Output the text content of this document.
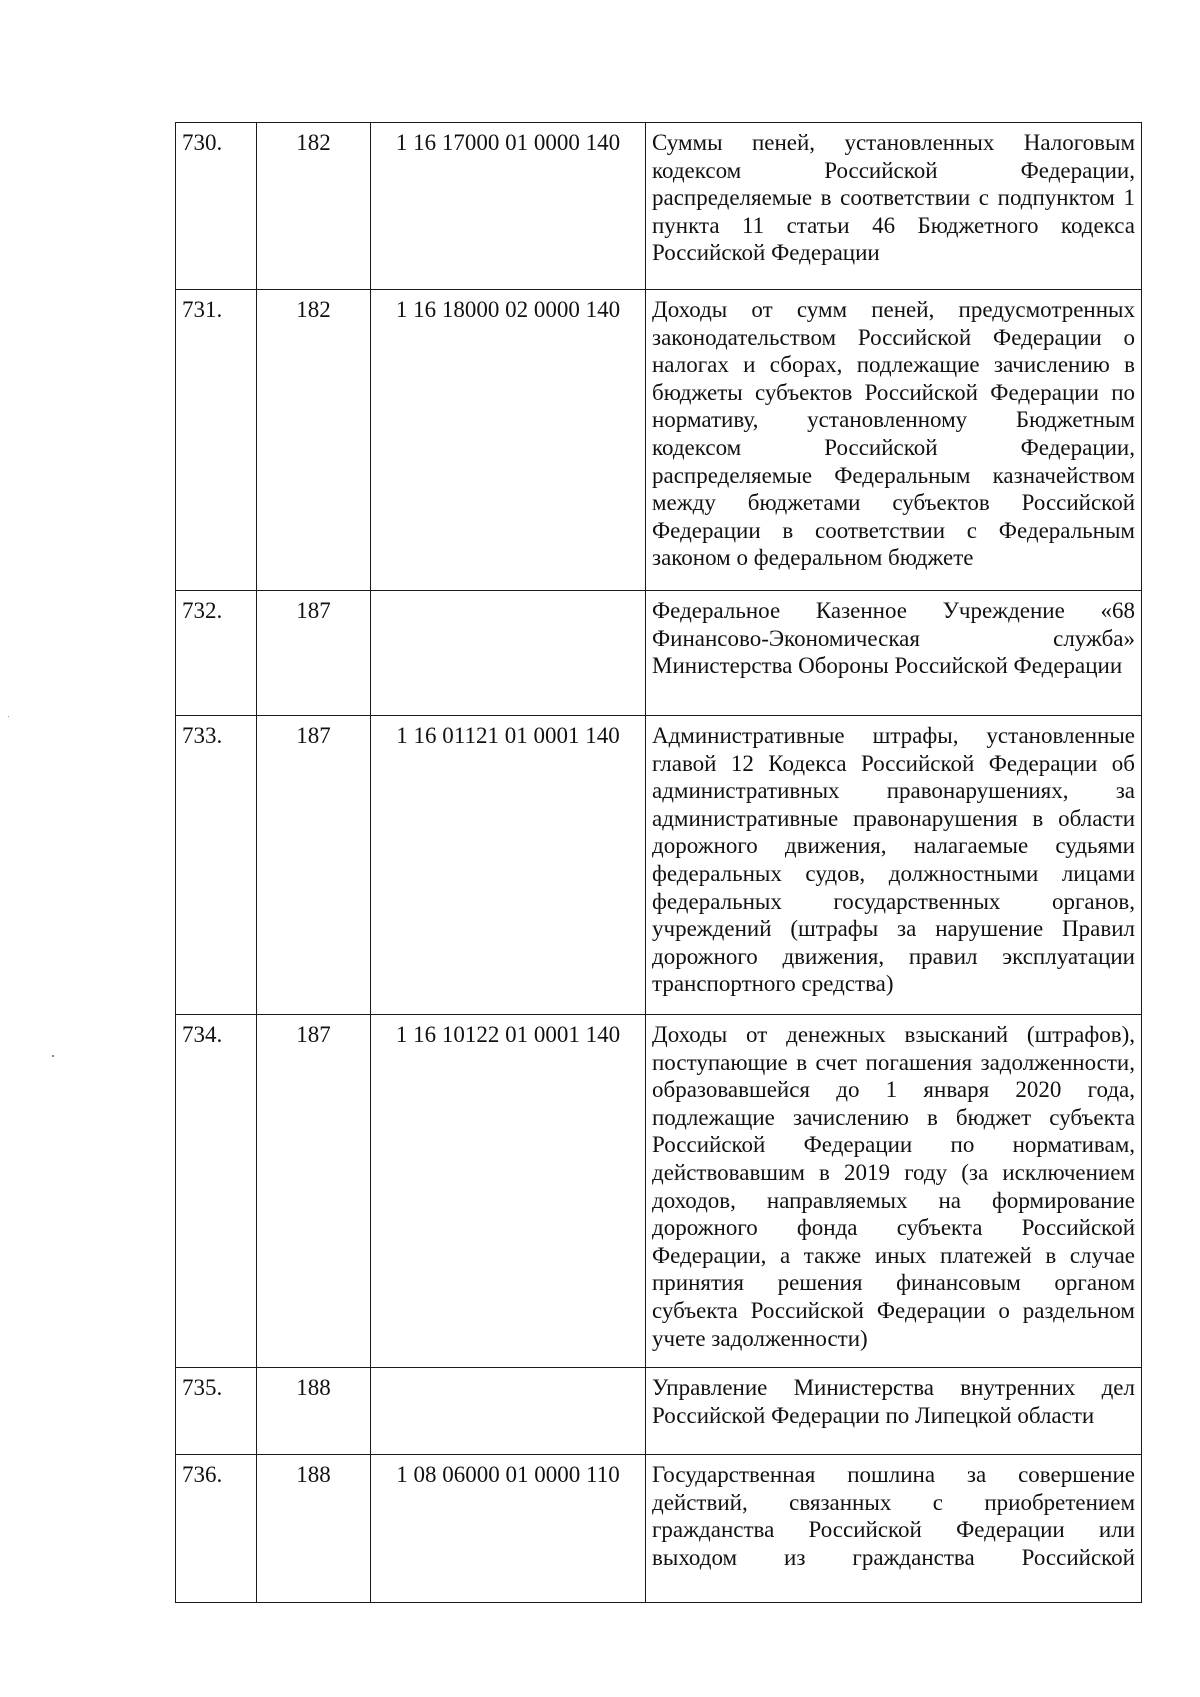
730.	182	1 16 17000 01 0000 140	Суммы пеней, установленных Налоговым кодексом Российской Федерации, распределяемые в соответствии с подпунктом 1 пункта 11 статьи 46 Бюджетного кодекса Российской Федерации
731.	182	1 16 18000 02 0000 140	Доходы от сумм пеней, предусмотренных законодательством Российской Федерации о налогах и сборах, подлежащие зачислению в бюджеты субъектов Российской Федерации по нормативу, установленному Бюджетным кодексом Российской Федерации, распределяемые Федеральным казначейством между бюджетами субъектов Российской Федерации в соответствии с Федеральным законом о федеральном бюджете
732.	187		Федеральное Казенное Учреждение «68 Финансово-Экономическая служба» Министерства Обороны Российской Федерации
733.	187	1 16 01121 01 0001 140	Административные штрафы, установленные главой 12 Кодекса Российской Федерации об административных правонарушениях, за административные правонарушения в области дорожного движения, налагаемые судьями федеральных судов, должностными лицами федеральных государственных органов, учреждений (штрафы за нарушение Правил дорожного движения, правил эксплуатации транспортного средства)
734.	187	1 16 10122 01 0001 140	Доходы от денежных взысканий (штрафов), поступающие в счет погашения задолженности, образовавшейся до 1 января 2020 года, подлежащие зачислению в бюджет субъекта Российской Федерации по нормативам, действовавшим в 2019 году (за исключением доходов, направляемых на формирование дорожного фонда субъекта Российской Федерации, а также иных платежей в случае принятия решения финансовым органом субъекта Российской Федерации о раздельном учете задолженности)
735.	188		Управление Министерства внутренних дел Российской Федерации по Липецкой области
736.	188	1 08 06000 01 0000 110	Государственная пошлина за совершение действий, связанных с приобретением гражданства Российской Федерации или выходом из гражданства Российской
